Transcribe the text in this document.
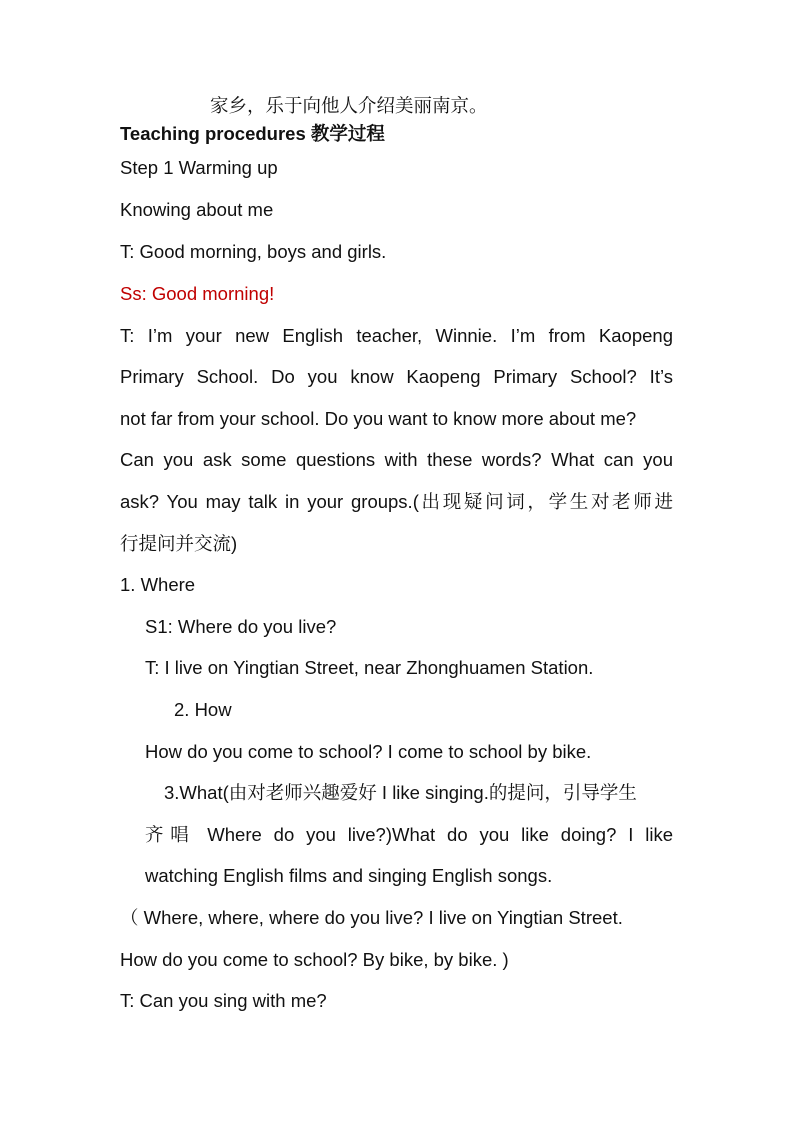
家乡，乐于向他人介绍美丽南京。
Teaching procedures 教学过程
Step 1 Warming up
Knowing about me
T: Good morning, boys and girls.
Ss: Good morning!
T: I’m your new English teacher, Winnie. I’m from Kaopeng
Primary School. Do you know Kaopeng Primary School? It’s
not far from your school. Do you want to know more about me?
Can you ask some questions with these words? What can you
ask? You may talk in your groups.(出现疑问词，学生对老师进
行提问并交流)
1. Where
S1: Where do you live?
T: I live on Yingtian Street, near Zhonghuamen Station.
2. How
How do you come to school? I come to school by bike.
3.What(由对老师兴趣爱好 I like singing.的提问，引导学生
齐唱 Where do you live?)What do you like doing? I like
watching English films and singing English songs.
（ Where, where, where do you live? I live on Yingtian Street.
How do you come to school? By bike, by bike. )
T: Can you sing with me?
